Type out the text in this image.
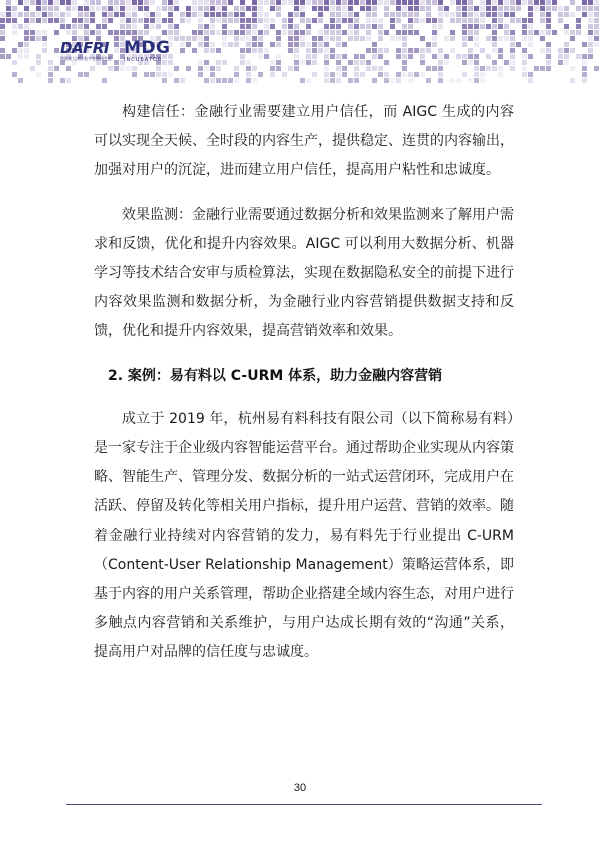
DAFRI
粤港澳大湾区数字金融研究院
MDG
INCUBATOR

构建信任：金融行业需要建立用户信任，而 AIGC 生成的内容可以实现全天候、全时段的内容生产，提供稳定、连贯的内容输出，加强对用户的沉淀，进而建立用户信任，提高用户粘性和忠诚度。

效果监测：金融行业需要通过数据分析和效果监测来了解用户需求和反馈，优化和提升内容效果。AIGC 可以利用大数据分析、机器学习等技术结合安审与质检算法，实现在数据隐私安全的前提下进行内容效果监测和数据分析，为金融行业内容营销提供数据支持和反馈，优化和提升内容效果，提高营销效率和效果。

2. 案例：易有料以 C-URM 体系，助力金融内容营销

成立于 2019 年，杭州易有料科技有限公司（以下简称易有料）是一家专注于企业级内容智能运营平台。通过帮助企业实现从内容策略、智能生产、管理分发、数据分析的一站式运营闭环，完成用户在活跃、停留及转化等相关用户指标，提升用户运营、营销的效率。随着金融行业持续对内容营销的发力，易有料先于行业提出 C-URM（Content-User Relationship Management）策略运营体系，即基于内容的用户关系管理，帮助企业搭建全域内容生态，对用户进行多触点内容营销和关系维护，与用户达成长期有效的“沟通”关系，提高用户对品牌的信任度与忠诚度。

30
